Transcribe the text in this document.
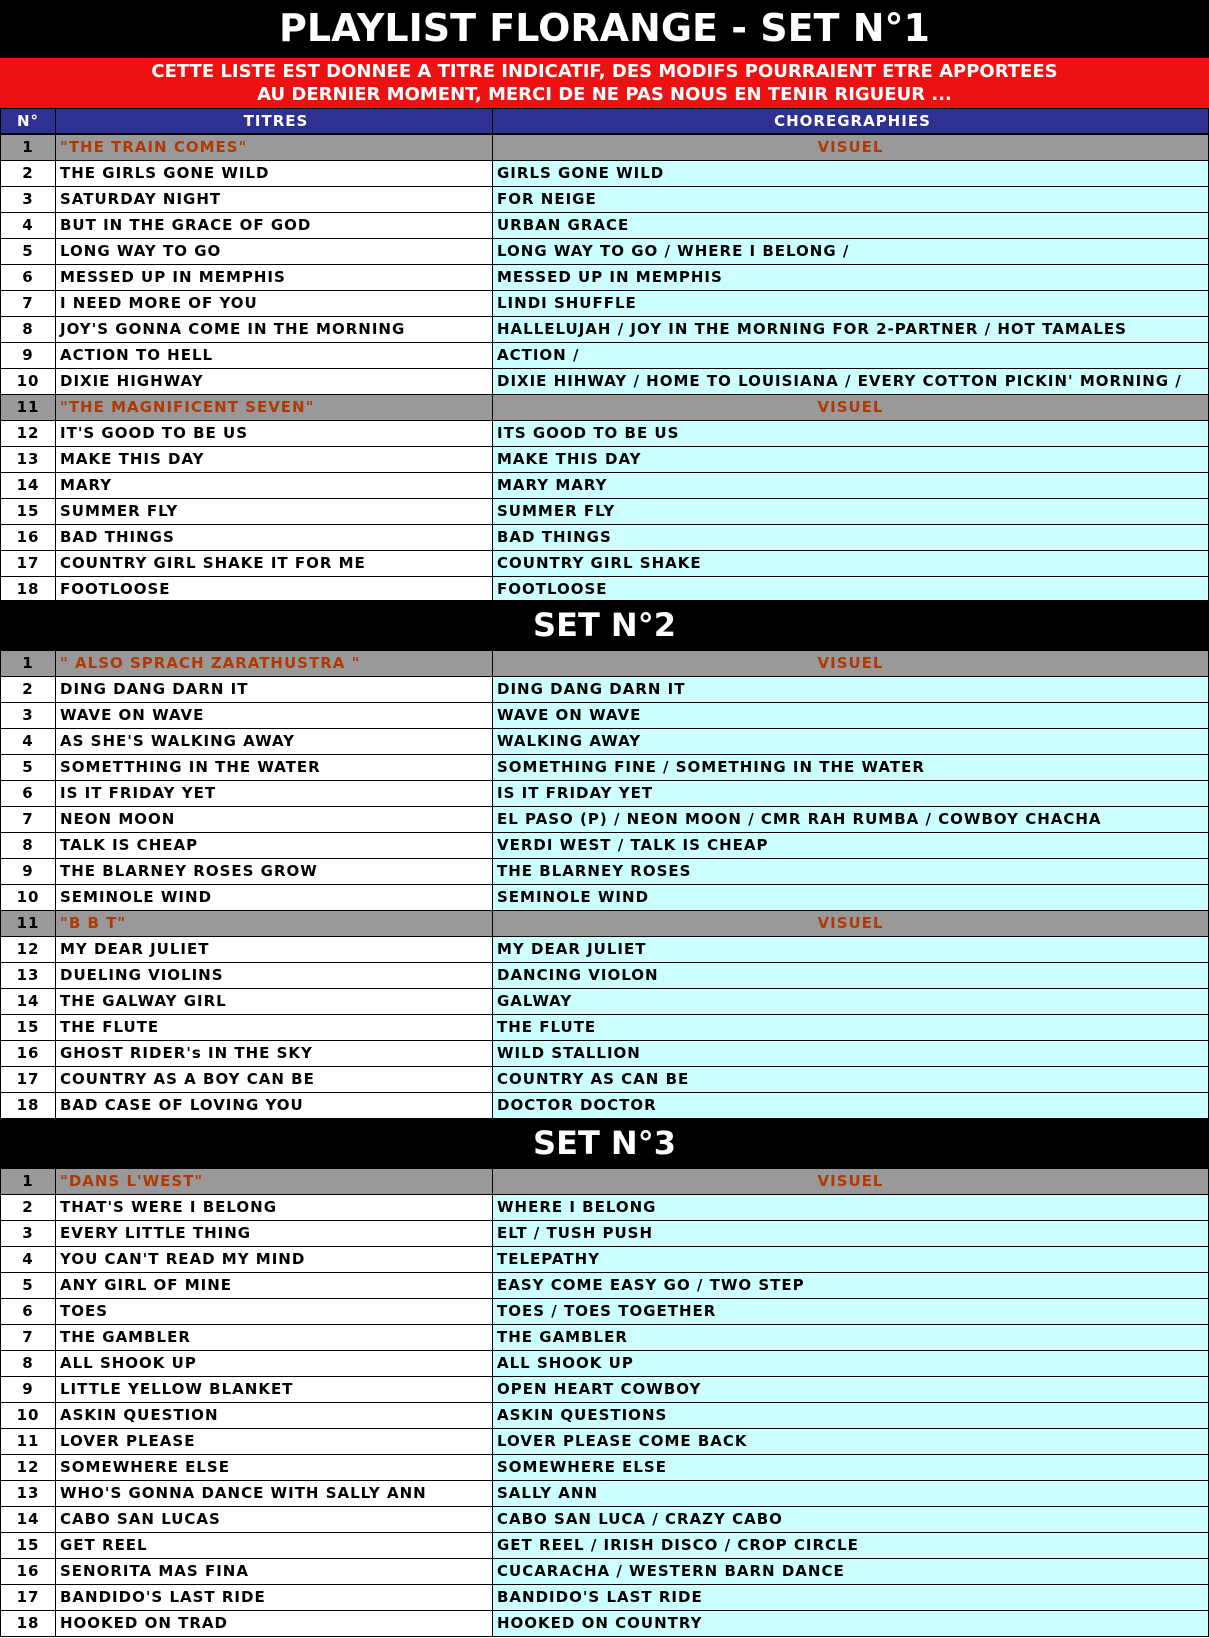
PLAYLIST FLORANGE - SET N°1
CETTE LISTE EST DONNEE A TITRE INDICATIF, DES MODIFS POURRAIENT ETRE APPORTEES
AU DERNIER MOMENT, MERCI DE NE PAS NOUS EN TENIR RIGUEUR ...
N°	TITRES	CHOREGRAPHIES
1	"THE TRAIN COMES"	VISUEL
2	THE GIRLS GONE WILD	GIRLS GONE WILD
3	SATURDAY NIGHT	FOR NEIGE
4	BUT IN THE GRACE OF GOD	URBAN GRACE
5	LONG WAY TO GO	LONG WAY TO GO / WHERE I BELONG /
6	MESSED UP IN MEMPHIS	MESSED UP IN MEMPHIS
7	I NEED MORE OF YOU	LINDI SHUFFLE
8	JOY'S GONNA COME IN THE MORNING	HALLELUJAH / JOY IN THE MORNING FOR 2-PARTNER / HOT TAMALES
9	ACTION TO HELL	ACTION /
10	DIXIE HIGHWAY	DIXIE HIHWAY / HOME TO LOUISIANA / EVERY COTTON PICKIN' MORNING /
11	"THE MAGNIFICENT SEVEN"	VISUEL
12	IT'S GOOD TO BE US	ITS GOOD TO BE US
13	MAKE THIS DAY	MAKE THIS DAY
14	MARY	MARY MARY
15	SUMMER FLY	SUMMER FLY
16	BAD THINGS	BAD THINGS
17	COUNTRY GIRL SHAKE IT FOR ME	COUNTRY GIRL SHAKE
18	FOOTLOOSE	FOOTLOOSE
SET N°2
1	" ALSO SPRACH ZARATHUSTRA "	VISUEL
2	DING DANG DARN IT	DING DANG DARN IT
3	WAVE ON WAVE	WAVE ON WAVE
4	AS SHE'S WALKING AWAY	WALKING AWAY
5	SOMETTHING IN THE WATER	SOMETHING FINE / SOMETHING IN THE WATER
6	IS IT FRIDAY YET	IS IT FRIDAY YET
7	NEON MOON	EL PASO (P) / NEON MOON / CMR RAH RUMBA / COWBOY CHACHA
8	TALK IS CHEAP	VERDI WEST / TALK IS CHEAP
9	THE BLARNEY ROSES GROW	THE BLARNEY ROSES
10	SEMINOLE WIND	SEMINOLE WIND
11	"B B T"	VISUEL
12	MY DEAR JULIET	MY DEAR JULIET
13	DUELING VIOLINS	DANCING VIOLON
14	THE GALWAY GIRL	GALWAY
15	THE FLUTE	THE FLUTE
16	GHOST RIDER's IN THE SKY	WILD STALLION
17	COUNTRY AS A BOY CAN BE	COUNTRY AS CAN BE
18	BAD CASE OF LOVING YOU	DOCTOR DOCTOR
SET N°3
1	"DANS L'WEST"	VISUEL
2	THAT'S WERE I BELONG	WHERE I BELONG
3	EVERY LITTLE THING	ELT / TUSH PUSH
4	YOU CAN'T READ MY MIND	TELEPATHY
5	ANY GIRL OF MINE	EASY COME EASY GO / TWO STEP
6	TOES	TOES / TOES TOGETHER
7	THE GAMBLER	THE GAMBLER
8	ALL SHOOK UP	ALL SHOOK UP
9	LITTLE YELLOW BLANKET	OPEN HEART COWBOY
10	ASKIN QUESTION	ASKIN QUESTIONS
11	LOVER PLEASE	LOVER PLEASE COME BACK
12	SOMEWHERE ELSE	SOMEWHERE ELSE
13	WHO'S GONNA DANCE WITH SALLY ANN	SALLY ANN
14	CABO SAN LUCAS	CABO SAN LUCA / CRAZY CABO
15	GET REEL	GET REEL / IRISH DISCO / CROP CIRCLE
16	SENORITA MAS FINA	CUCARACHA / WESTERN BARN DANCE
17	BANDIDO'S LAST RIDE	BANDIDO'S LAST RIDE
18	HOOKED ON TRAD	HOOKED ON COUNTRY
